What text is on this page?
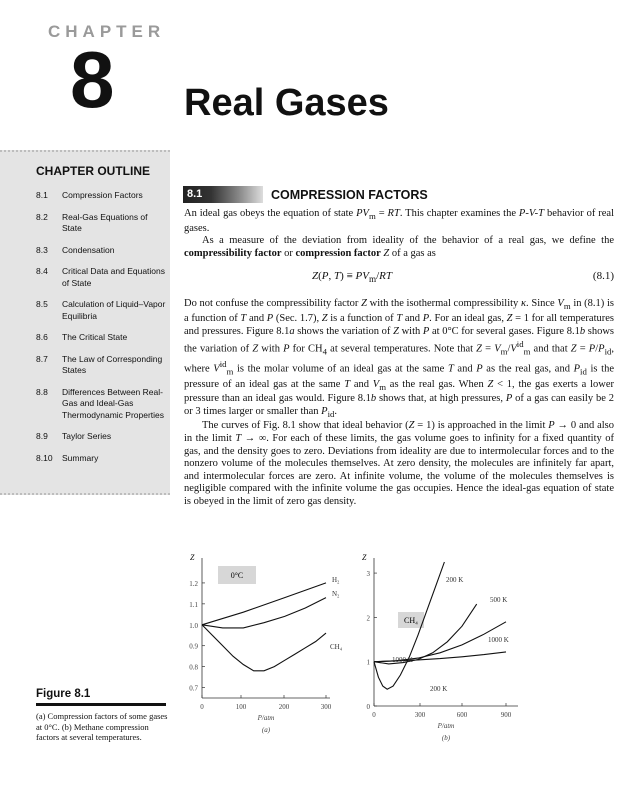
CHAPTER
8 Real Gases
CHAPTER OUTLINE
8.1	Compression Factors
8.2	Real-Gas Equations of State
8.3	Condensation
8.4	Critical Data and Equations of State
8.5	Calculation of Liquid–Vapor Equilibria
8.6	The Critical State
8.7	The Law of Corresponding States
8.8	Differences Between Real-Gas and Ideal-Gas Thermodynamic Properties
8.9	Taylor Series
8.10	Summary
8.1	COMPRESSION FACTORS

An ideal gas obeys the equation of state $PV_m$ = RT. This chapter examines the P-V-T behavior of real gases.

As a measure of the deviation from ideality of the behavior of a real gas, we define the compressibility factor or compression factor Z of a gas as

Z(P, $T) \equiv PV_m/RT$	(8.1)

Do not confuse the compressibility factor Z with the isothermal compressibility κ. Since $V_m$ in (8.1) is a function of T and P (Sec. 1.7), Z is a function of T and P. For an ideal gas, Z = 1 for all temperatures and pressures. Figure 8.1a shows the variation of Z with P at 0°C for several gases. Figure 8.1b shows the variation of Z with P for $CH_4$ at several temperatures. Note that $Z = V_m/V^{id}_m$ and that $Z = P/P_{id}$, where $V^{id}_m$ is the molar volume of an ideal gas at the same T and P as the real gas, and $P_{id}$ is the pressure of an ideal gas at the same T and $V_m$ as the real gas. When Z < 1, the gas exerts a lower pressure than an ideal gas would. Figure 8.1b shows that, at high pressures, P of a gas can easily be 2 or 3 times larger or smaller than $P_{id}$.

The curves of Fig. 8.1 show that ideal behavior (Z = 1) is approached in the limit P → 0 and also in the limit T → ∞. For each of these limits, the gas volume goes to infinity for a fixed quantity of gas, and the density goes to zero. Deviations from ideality are due to intermolecular forces and to the nonzero volume of the molecules themselves. At zero density, the molecules are infinitely far apart, and intermolecular forces are zero. At infinite volume, the volume of the molecules themselves is negligible compared with the infinite volume the gas occupies. Hence the ideal-gas equation of state is obeyed in the limit of zero gas density.

Z
0.7
0.8
0.9
1.0
1.1
1.2
0	100	200	300
P/atm
(a)
0°C	H₂
N₂
CH₄
Z
0
1
2
3
0	300	600	900
P/atm
(b)
CH₄
200 K
500 K
1000 K
1000 K
200 K
Figure 8.1
(a) Compression factors of some gases at 0°C. (b) Methane compression factors at several temperatures.
